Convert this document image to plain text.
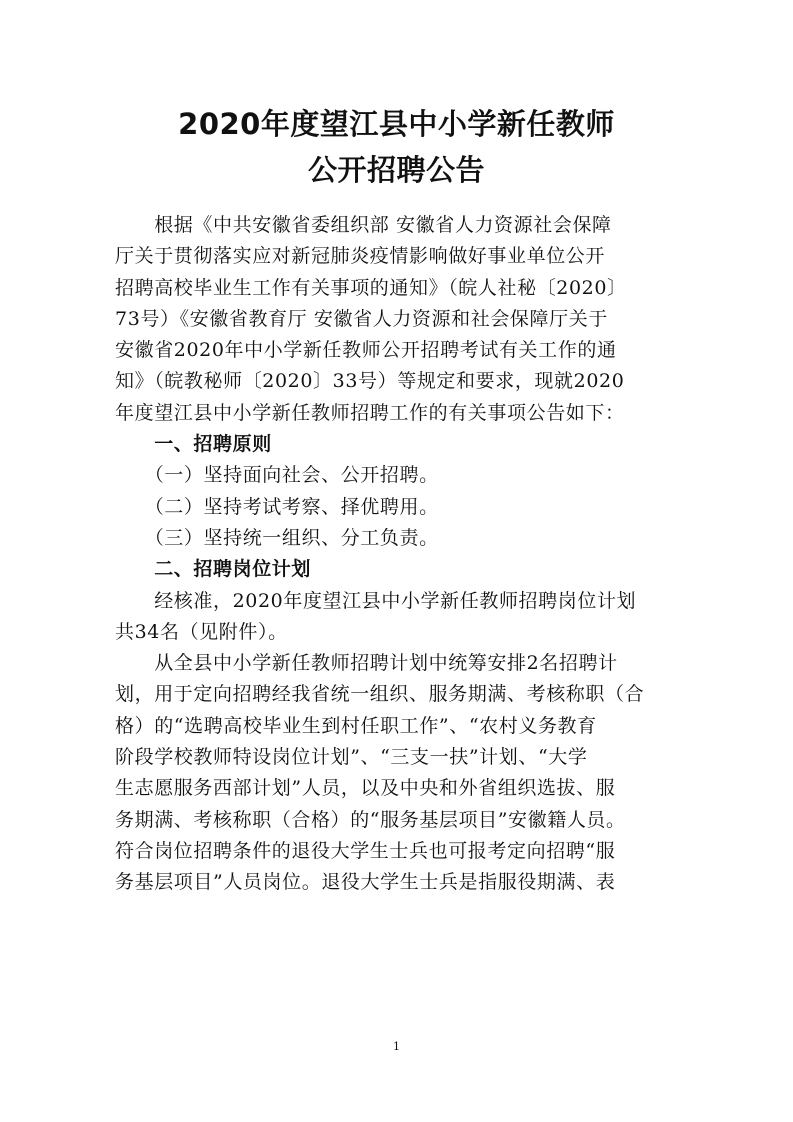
2020年度望江县中小学新任教师
公开招聘公告
　　根据《中共安徽省委组织部 安徽省人力资源社会保障
厅关于贯彻落实应对新冠肺炎疫情影响做好事业单位公开
招聘高校毕业生工作有关事项的通知》（皖人社秘〔2020〕
73号）《安徽省教育厅 安徽省人力资源和社会保障厅关于
安徽省2020年中小学新任教师公开招聘考试有关工作的通
知》（皖教秘师〔2020〕33号）等规定和要求，现就2020
年度望江县中小学新任教师招聘工作的有关事项公告如下：
　　一、招聘原则
　　（一）坚持面向社会、公开招聘。
　　（二）坚持考试考察、择优聘用。
　　（三）坚持统一组织、分工负责。
　　二、招聘岗位计划
　　经核准，2020年度望江县中小学新任教师招聘岗位计划
共34名（见附件）。
　　从全县中小学新任教师招聘计划中统筹安排2名招聘计
划，用于定向招聘经我省统一组织、服务期满、考核称职（合
格）的“选聘高校毕业生到村任职工作”、“农村义务教育
阶段学校教师特设岗位计划”、“三支一扶”计划、“大学
生志愿服务西部计划”人员，以及中央和外省组织选拔、服
务期满、考核称职（合格）的“服务基层项目”安徽籍人员。
符合岗位招聘条件的退役大学生士兵也可报考定向招聘“服
务基层项目”人员岗位。退役大学生士兵是指服役期满、表
1
